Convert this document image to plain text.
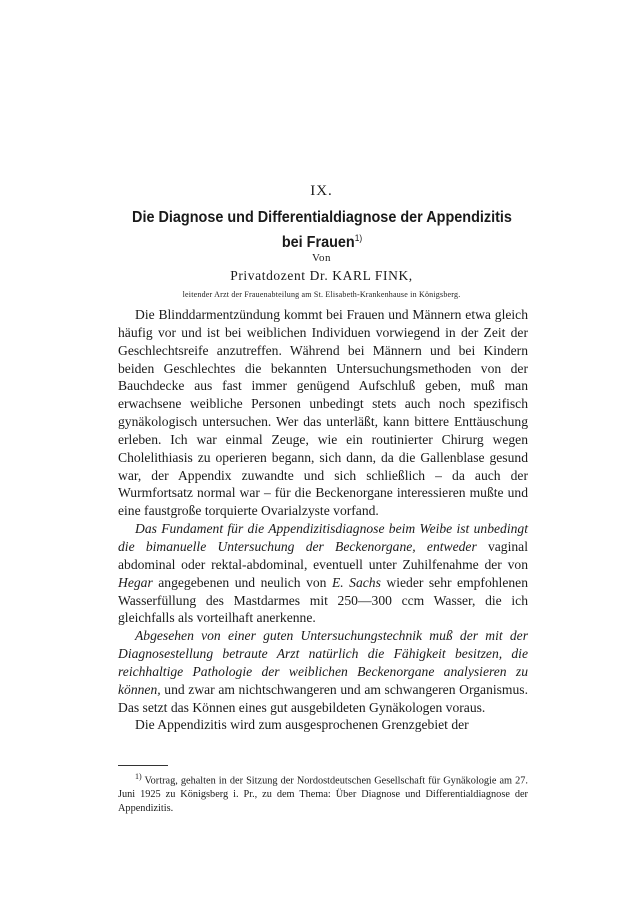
IX.
Die Diagnose und Differentialdiagnose der Appendizitis bei Frauen$^{1)}$
Von
Privatdozent Dr. KARL FINK,
leitender Arzt der Frauenabteilung am St. Elisabeth-Krankenhause in Königsberg.

Die Blinddarmentzündung kommt bei Frauen und Männern etwa gleich häufig vor und ist bei weiblichen Individuen vorwiegend in der Zeit der Geschlechtsreife anzutreffen. Während bei Männern und bei Kindern beiden Geschlechtes die bekannten Untersuchungsmethoden von der Bauchdecke aus fast immer genügend Aufschluß geben, muß man erwachsene weibliche Personen unbedingt stets auch noch spezifisch gynäkologisch untersuchen. Wer das unterläßt, kann bittere Enttäuschung erleben. Ich war einmal Zeuge, wie ein routinierter Chirurg wegen Cholelithiasis zu operieren begann, sich dann, da die Gallenblase gesund war, der Appendix zuwandte und sich schließlich – da auch der Wurmfortsatz normal war – für die Beckenorgane interessieren mußte und eine faustgroße torquierte Ovarialzyste vorfand.

Das Fundament für die Appendizitisdiagnose beim Weibe ist unbedingt die bimanuelle Untersuchung der Beckenorgane, entweder vaginal abdominal oder rektal-abdominal, eventuell unter Zuhilfenahme der von Hegar angegebenen und neulich von E. Sachs wieder sehr empfohlenen Wasserfüllung des Mastdarmes mit 250—300 ccm Wasser, die ich gleichfalls als vorteilhaft anerkenne.

Abgesehen von einer guten Untersuchungstechnik muß der mit der Diagnosestellung betraute Arzt natürlich die Fähigkeit besitzen, die reichhaltige Pathologie der weiblichen Beckenorgane analysieren zu können, und zwar am nichtschwangeren und am schwangeren Organismus. Das setzt das Können eines gut ausgebildeten Gynäkologen voraus.

Die Appendizitis wird zum ausgesprochenen Grenzgebiet der

$^{1)}$ Vortrag, gehalten in der Sitzung der Nordostdeutschen Gesellschaft für Gynäkologie am 27. Juni 1925 zu Königsberg i. Pr., zu dem Thema: Über Diagnose und Differentialdiagnose der Appendizitis.
